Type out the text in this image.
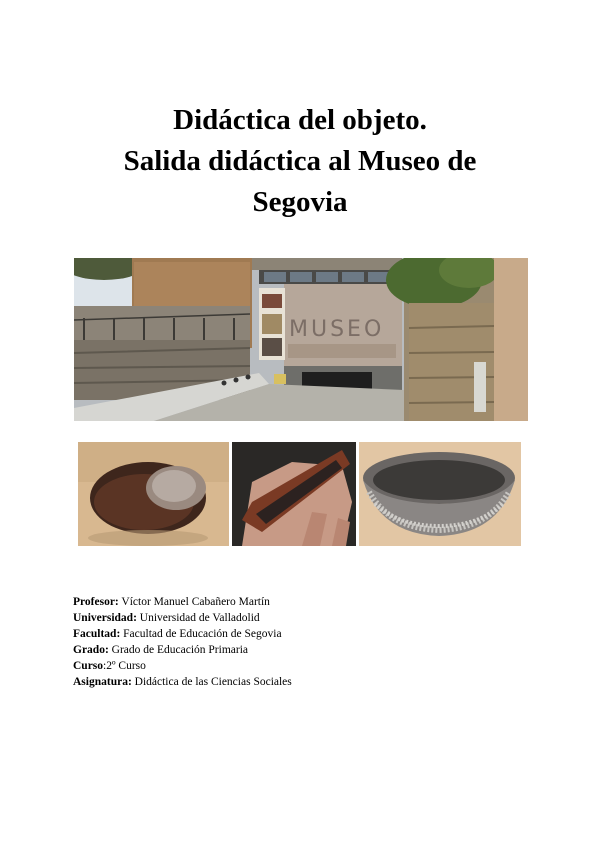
Didáctica del objeto.
Salida didáctica al Museo de
Segovia
MUSEO
Profesor: Víctor Manuel Cabañero Martín
Universidad: Universidad de Valladolid
Facultad: Facultad de Educación de Segovia
Grado: Grado de Educación Primaria
Curso:2º Curso
Asignatura: Didáctica de las Ciencias Sociales
